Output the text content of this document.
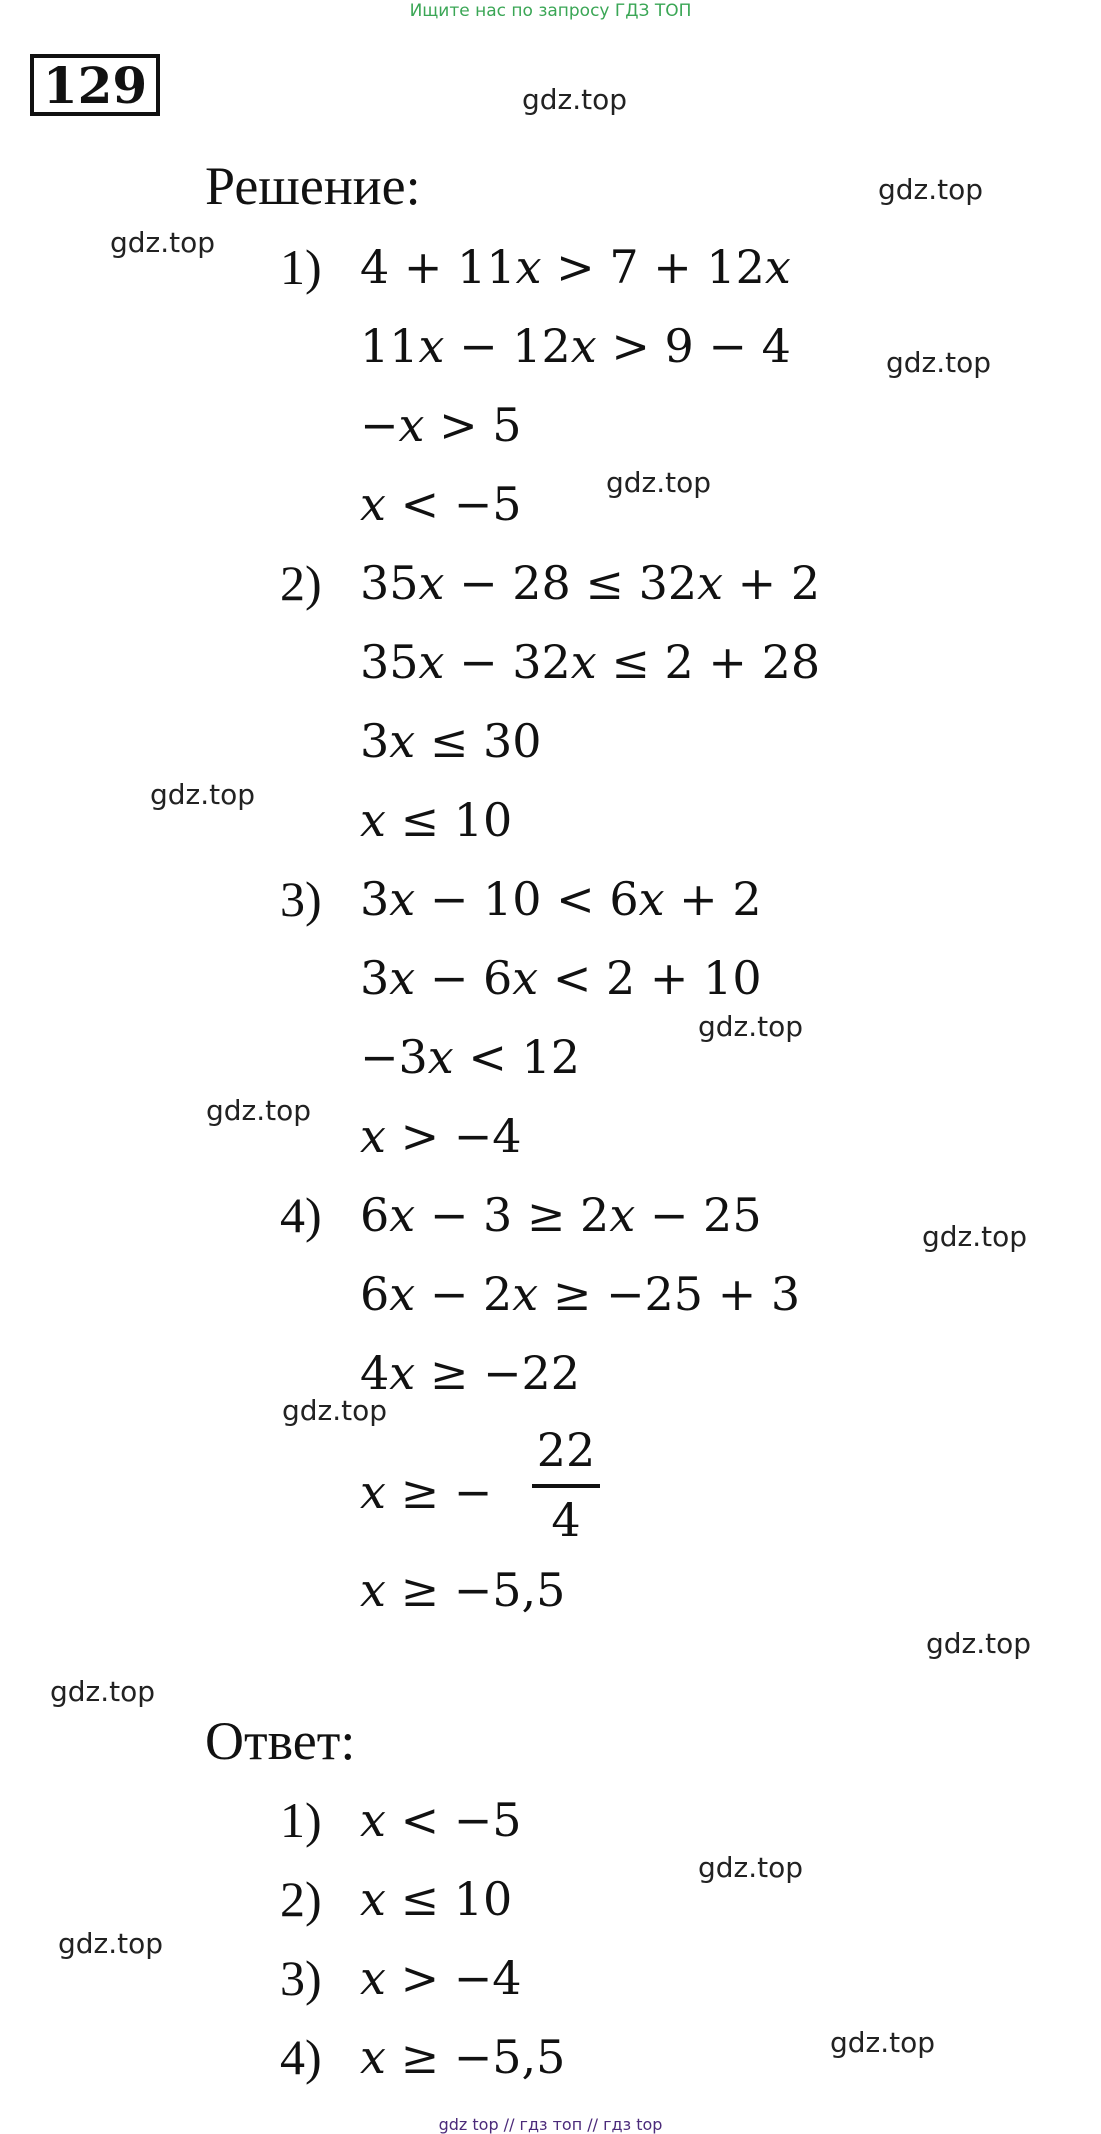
Ищите нас по запросу ГДЗ ТОП
129
Решение:
1) 4 + 11𝑥 > 7 + 12𝑥
11𝑥 − 12𝑥 > 9 − 4
−𝑥 > 5
𝑥 < −5
2) 35𝑥 − 28 ≤ 32𝑥 + 2
35𝑥 − 32𝑥 ≤ 2 + 28
3𝑥 ≤ 30
𝑥 ≤ 10
3) 3𝑥 − 10 < 6𝑥 + 2
3𝑥 − 6𝑥 < 2 + 10
−3𝑥 < 12
𝑥 > −4
4) 6𝑥 − 3 ≥ 2𝑥 − 25
6𝑥 − 2𝑥 ≥ −25 + 3
4𝑥 ≥ −22
𝑥 ≥ −
22
4
𝑥 ≥ −5,5
Ответ:
1) 𝑥 < −5
2) 𝑥 ≤ 10
3) 𝑥 > −4
4) 𝑥 ≥ −5,5
gdz.top
gdz.top
gdz.top
gdz.top
gdz.top
gdz.top
gdz.top
gdz.top
gdz.top
gdz.top
gdz.top
gdz.top
gdz.top
gdz.top
gdz.top
gdz top // гдз топ // гдз top
